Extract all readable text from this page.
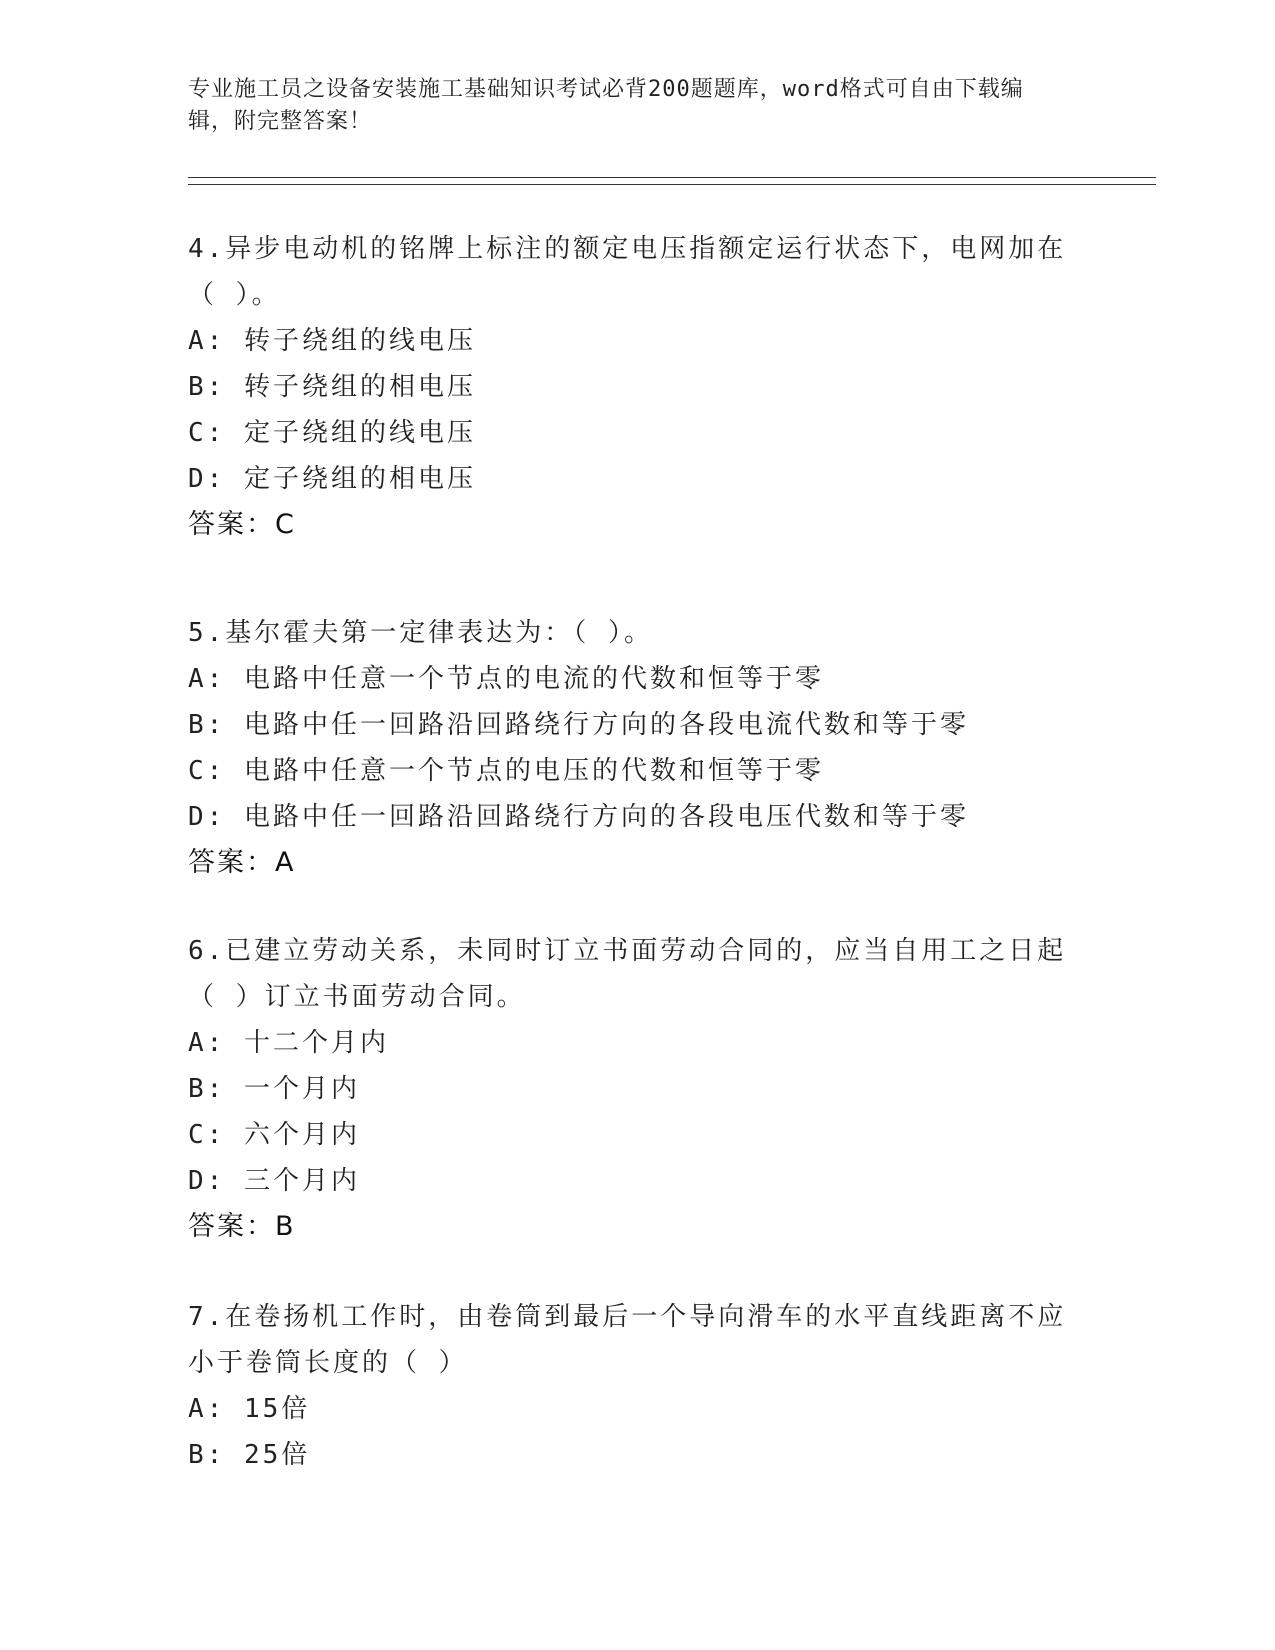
专业施工员之设备安装施工基础知识考试必背200题题库，word格式可自由下载编辑，附完整答案！

4.异步电动机的铭牌上标注的额定电压指额定运行状态下，电网加在（ ）。

A: 转子绕组的线电压

B: 转子绕组的相电压

C: 定子绕组的线电压

D: 定子绕组的相电压

答案：C

5.基尔霍夫第一定律表达为：（ ）。

A: 电路中任意一个节点的电流的代数和恒等于零

B: 电路中任一回路沿回路绕行方向的各段电流代数和等于零

C: 电路中任意一个节点的电压的代数和恒等于零

D: 电路中任一回路沿回路绕行方向的各段电压代数和等于零

答案：A

6.已建立劳动关系，未同时订立书面劳动合同的，应当自用工之日起（ ）订立书面劳动合同。

A: 十二个月内

B: 一个月内

C: 六个月内

D: 三个月内

答案：B

7.在卷扬机工作时，由卷筒到最后一个导向滑车的水平直线距离不应小于卷筒长度的（ ）

A: 15倍

B: 25倍
